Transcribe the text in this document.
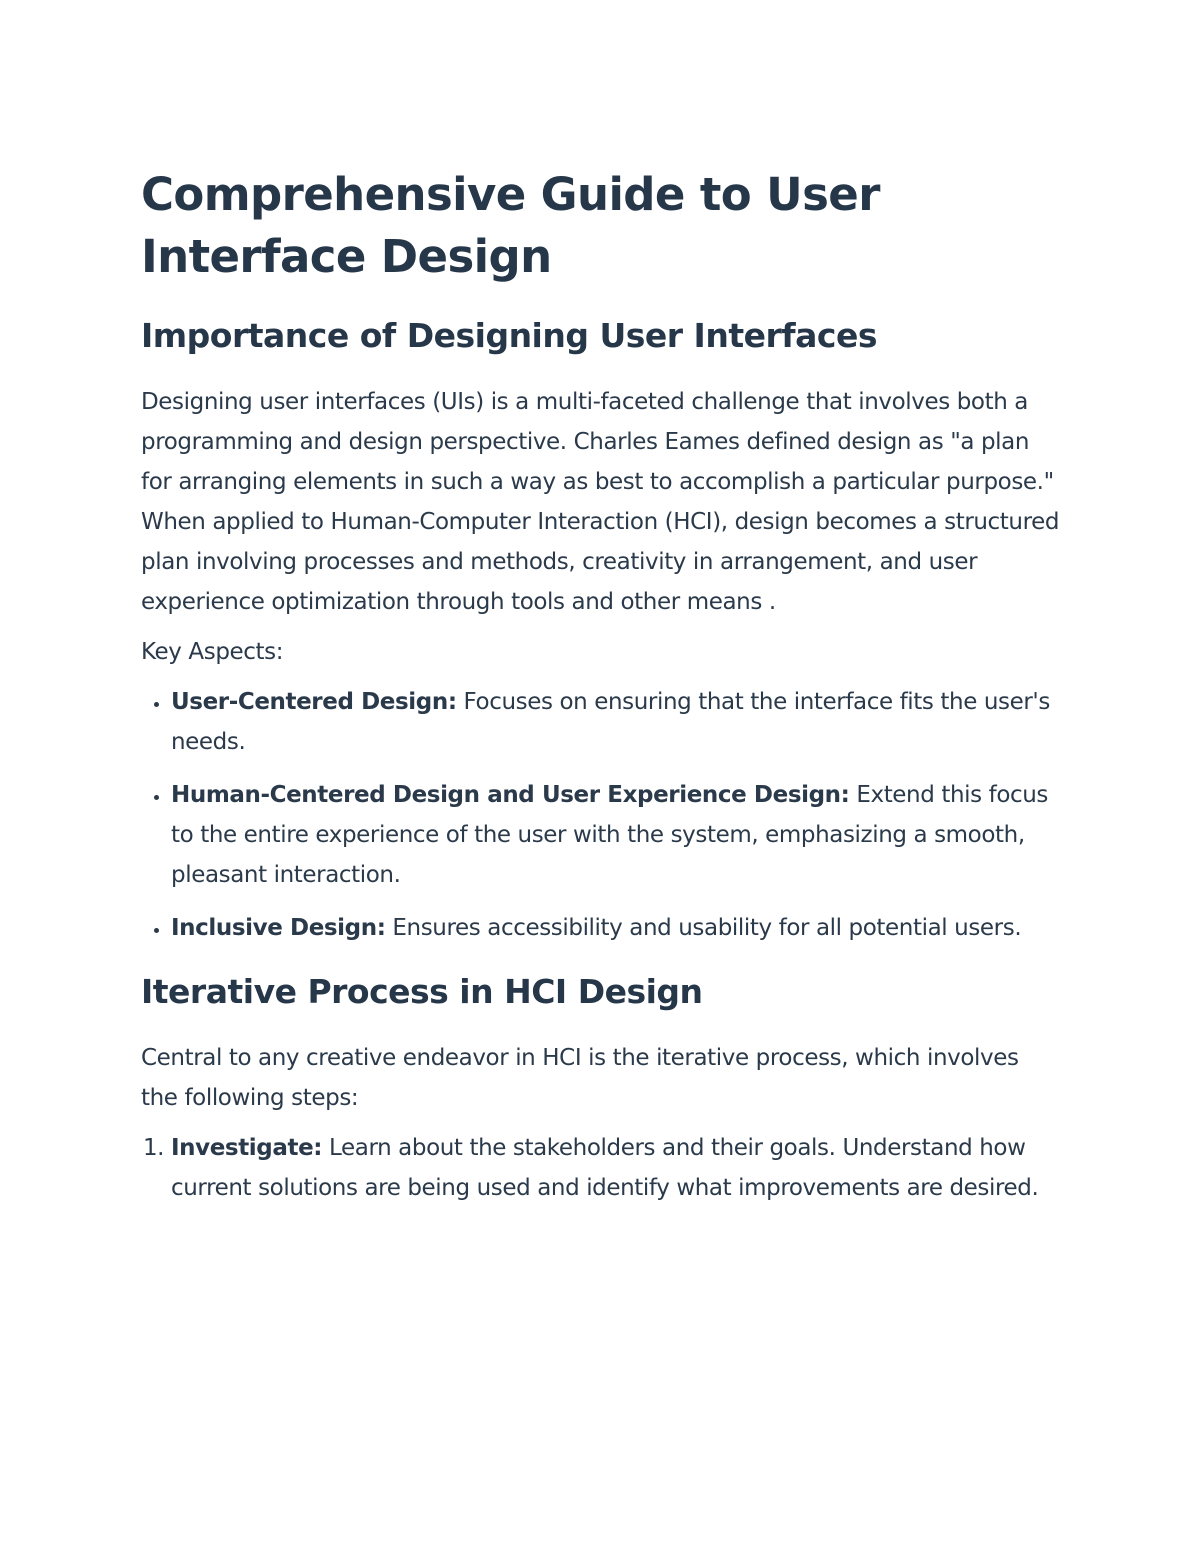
Comprehensive Guide to User Interface Design
Importance of Designing User Interfaces

Designing user interfaces (UIs) is a multi-faceted challenge that involves both a programming and design perspective. Charles Eames defined design as "a plan for arranging elements in such a way as best to accomplish a particular purpose." When applied to Human-Computer Interaction (HCI), design becomes a structured plan involving processes and methods, creativity in arrangement, and user experience optimization through tools and other means .

Key Aspects:

• User-Centered Design: Focuses on ensuring that the interface fits the user's needs.
• Human-Centered Design and User Experience Design: Extend this focus to the entire experience of the user with the system, emphasizing a smooth, pleasant interaction.
• Inclusive Design: Ensures accessibility and usability for all potential users.
Iterative Process in HCI Design

Central to any creative endeavor in HCI is the iterative process, which involves the following steps:

1. Investigate: Learn about the stakeholders and their goals. Understand how current solutions are being used and identify what improvements are desired.
